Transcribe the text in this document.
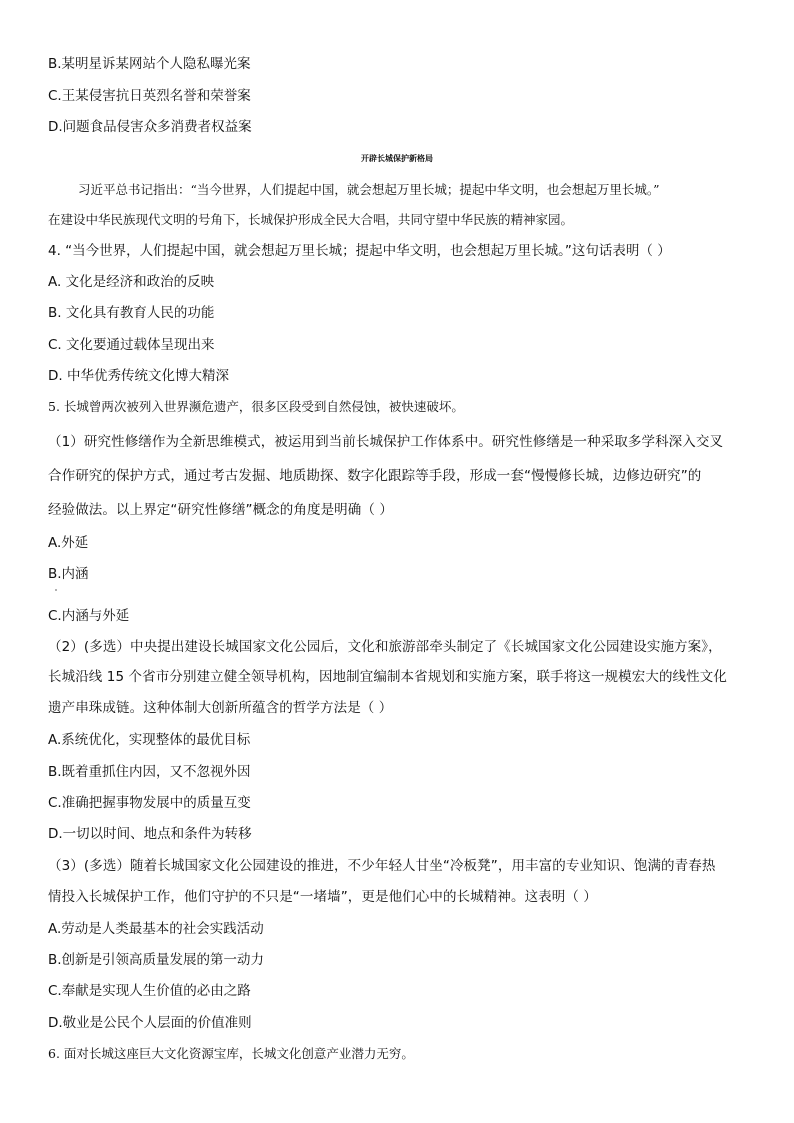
B.某明星诉某网站个人隐私曝光案
C.王某侵害抗日英烈名誉和荣誉案
D.问题食品侵害众多消费者权益案
开辟长城保护新格局
习近平总书记指出：“当今世界，人们提起中国，就会想起万里长城；提起中华文明，也会想起万里长城。”
在建设中华民族现代文明的号角下，长城保护形成全民大合唱，共同守望中华民族的精神家园。
4. “当今世界，人们提起中国，就会想起万里长城；提起中华文明，也会想起万里长城。”这句话表明（ ）
A. 文化是经济和政治的反映
B. 文化具有教育人民的功能
C. 文化要通过载体呈现出来
D. 中华优秀传统文化博大精深
5. 长城曾两次被列入世界濒危遗产，很多区段受到自然侵蚀，被快速破坏。
（1）研究性修缮作为全新思维模式，被运用到当前长城保护工作体系中。研究性修缮是一种采取多学科深入交叉
合作研究的保护方式，通过考古发掘、地质勘探、数字化跟踪等手段，形成一套“慢慢修长城，边修边研究”的
经验做法。以上界定“研究性修缮”概念的角度是明确（ ）
A.外延
B.内涵
C.内涵与外延
（2）(多选）中央提出建设长城国家文化公园后，文化和旅游部牵头制定了《长城国家文化公园建设实施方案》，
长城沿线 15 个省市分别建立健全领导机构，因地制宜编制本省规划和实施方案，联手将这一规模宏大的线性文化
遗产串珠成链。这种体制大创新所蕴含的哲学方法是（ ）
A.系统优化，实现整体的最优目标
B.既着重抓住内因，又不忽视外因
C.准确把握事物发展中的质量互变
D.一切以时间、地点和条件为转移
（3）(多选）随着长城国家文化公园建设的推进，不少年轻人甘坐“冷板凳”，用丰富的专业知识、饱满的青春热
情投入长城保护工作，他们守护的不只是“一堵墙”，更是他们心中的长城精神。这表明（ ）
A.劳动是人类最基本的社会实践活动
B.创新是引领高质量发展的第一动力
C.奉献是实现人生价值的必由之路
D.敬业是公民个人层面的价值准则
6. 面对长城这座巨大文化资源宝库，长城文化创意产业潜力无穷。
